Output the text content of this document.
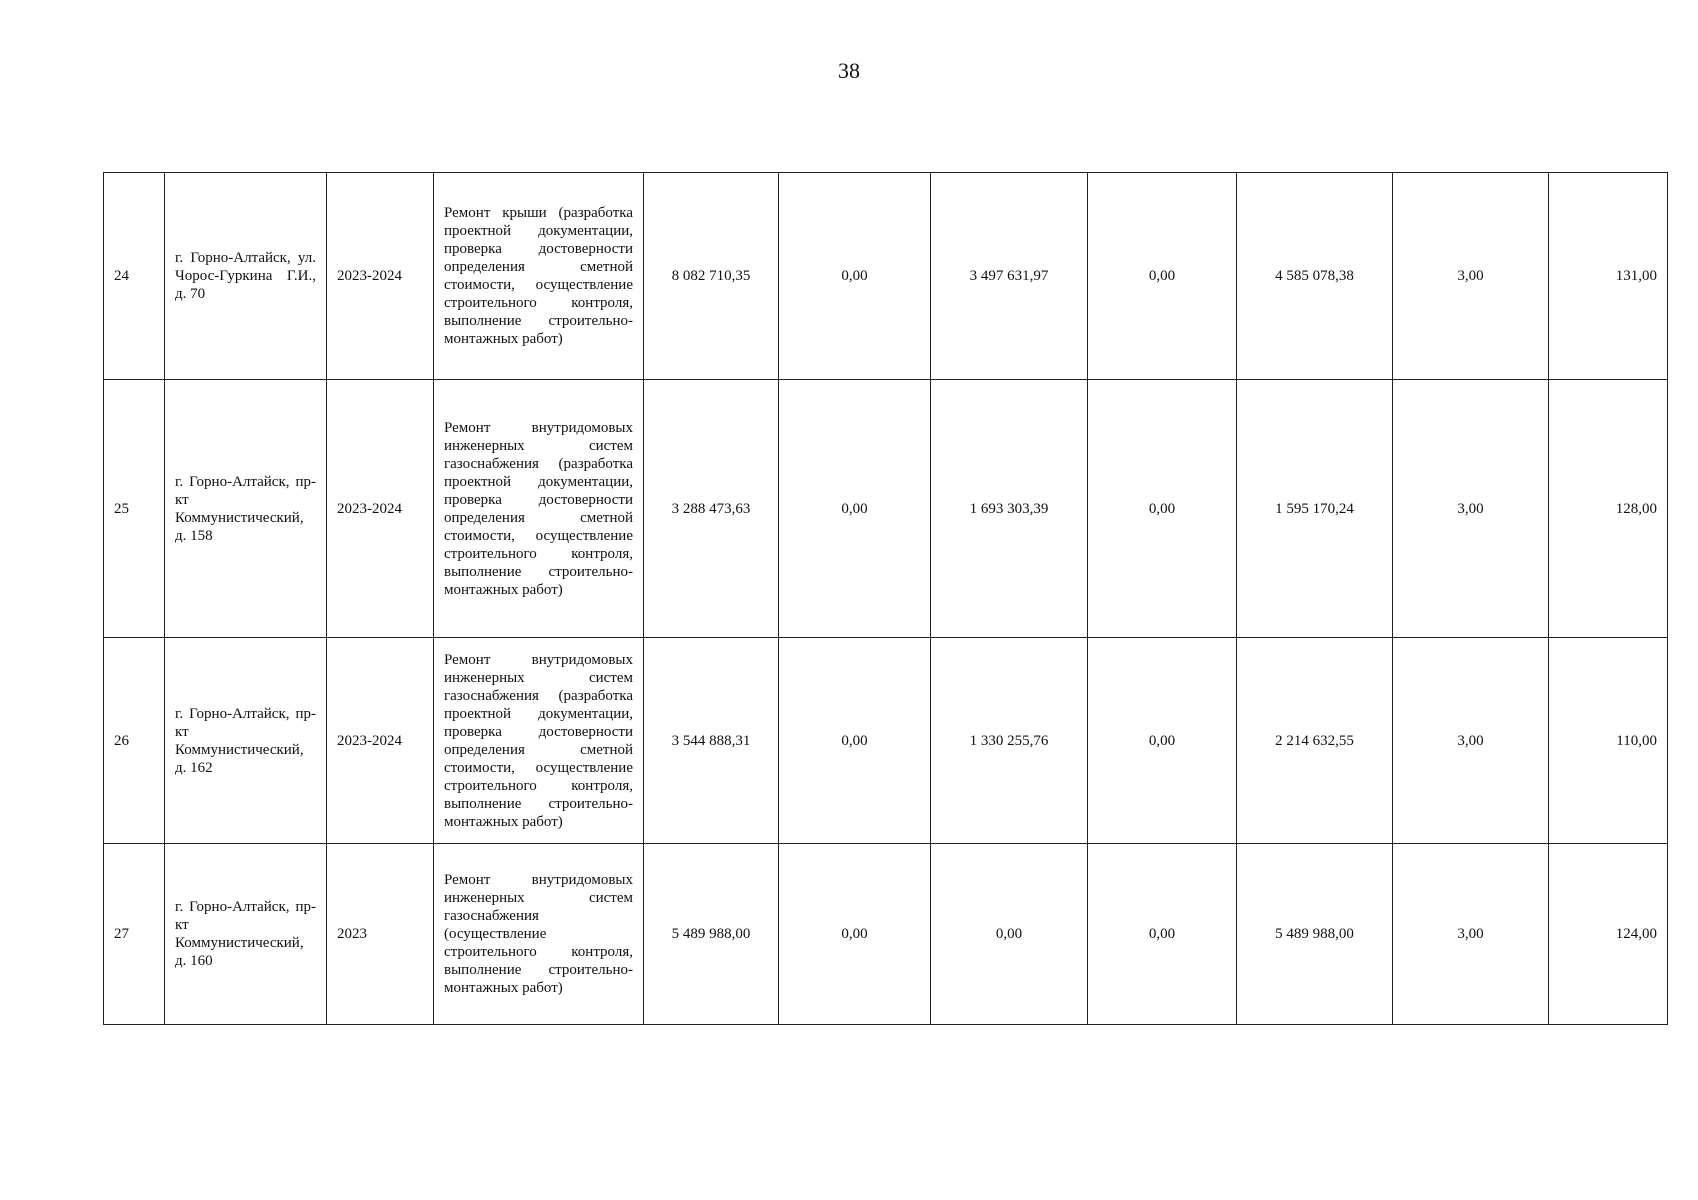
38
24	г. Горно-Алтайск, ул. Чорос-Гуркина Г.И., д. 70	2023-2024	Ремонт крыши (разработка проектной документации, проверка достоверности определения сметной стоимости, осуществление строительного контроля, выполнение строительно-монтажных работ)	8 082 710,35	0,00	3 497 631,97	0,00	4 585 078,38	3,00	131,00
25	г. Горно-Алтайск, пр-кт Коммунистический, д. 158	2023-2024	Ремонт внутридомовых инженерных систем газоснабжения (разработка проектной документации, проверка достоверности определения сметной стоимости, осуществление строительного контроля, выполнение строительно-монтажных работ)	3 288 473,63	0,00	1 693 303,39	0,00	1 595 170,24	3,00	128,00
26	г. Горно-Алтайск, пр-кт Коммунистический, д. 162	2023-2024	Ремонт внутридомовых инженерных систем газоснабжения (разработка проектной документации, проверка достоверности определения сметной стоимости, осуществление строительного контроля, выполнение строительно-монтажных работ)	3 544 888,31	0,00	1 330 255,76	0,00	2 214 632,55	3,00	110,00
27	г. Горно-Алтайск, пр-кт Коммунистический, д. 160	2023	Ремонт внутридомовых инженерных систем газоснабжения (осуществление строительного контроля, выполнение строительно-монтажных работ)	5 489 988,00	0,00	0,00	0,00	5 489 988,00	3,00	124,00
